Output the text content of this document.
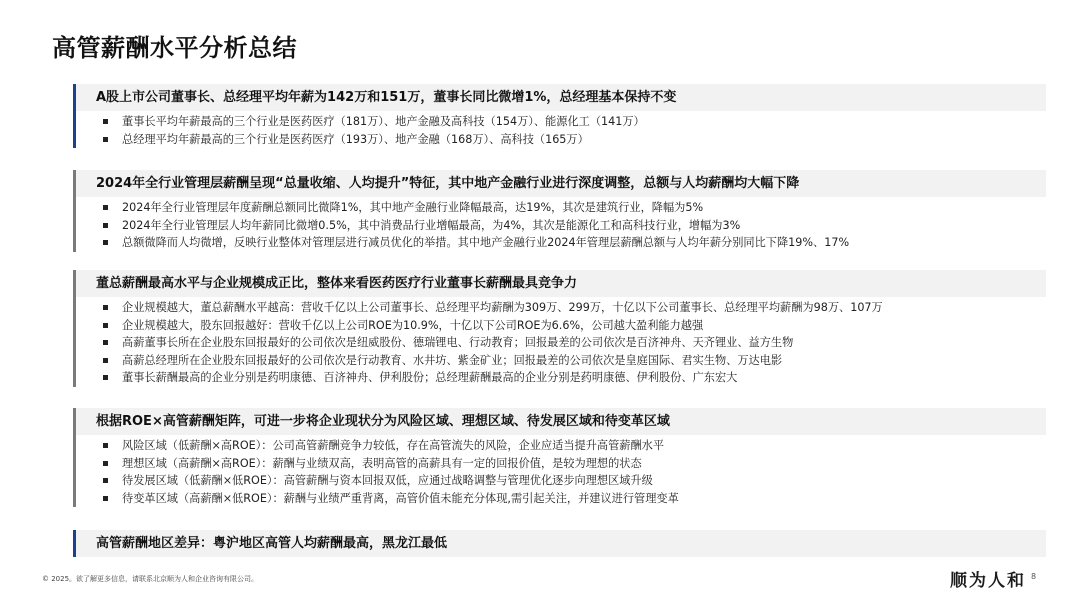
高管薪酬水平分析总结
A股上市公司董事长、总经理平均年薪为142万和151万，董事长同比微增1%，总经理基本保持不变
董事长平均年薪最高的三个行业是医药医疗（181万）、地产金融及高科技（154万）、能源化工（141万）
总经理平均年薪最高的三个行业是医药医疗（193万）、地产金融（168万）、高科技（165万）
2024年全行业管理层薪酬呈现“总量收缩、人均提升”特征，其中地产金融行业进行深度调整，总额与人均薪酬均大幅下降
2024年全行业管理层年度薪酬总额同比微降1%，其中地产金融行业降幅最高，达19%，其次是建筑行业，降幅为5%
2024年全行业管理层人均年薪同比微增0.5%，其中消费品行业增幅最高，为4%，其次是能源化工和高科技行业，增幅为3%
总额微降而人均微增，反映行业整体对管理层进行减员优化的举措。其中地产金融行业2024年管理层薪酬总额与人均年薪分别同比下降19%、17%
董总薪酬最高水平与企业规模成正比，整体来看医药医疗行业董事长薪酬最具竞争力
企业规模越大，董总薪酬水平越高：营收千亿以上公司董事长、总经理平均薪酬为309万、299万，十亿以下公司董事长、总经理平均薪酬为98万、107万
企业规模越大，股东回报越好：营收千亿以上公司ROE为10.9%，十亿以下公司ROE为6.6%，公司越大盈利能力越强
高薪董事长所在企业股东回报最好的公司依次是纽威股份、德瑞锂电、行动教育；回报最差的公司依次是百济神舟、天齐锂业、益方生物
高薪总经理所在企业股东回报最好的公司依次是行动教育、水井坊、紫金矿业；回报最差的公司依次是皇庭国际、君实生物、万达电影
董事长薪酬最高的企业分别是药明康德、百济神舟、伊利股份；总经理薪酬最高的企业分别是药明康德、伊利股份、广东宏大
根据ROE×高管薪酬矩阵，可进一步将企业现状分为风险区域、理想区域、待发展区域和待变革区域
风险区域（低薪酬×高ROE）：公司高管薪酬竞争力较低，存在高管流失的风险，企业应适当提升高管薪酬水平
理想区域（高薪酬×高ROE）：薪酬与业绩双高，表明高管的高薪具有一定的回报价值，是较为理想的状态
待发展区域（低薪酬×低ROE）：高管薪酬与资本回报双低，应通过战略调整与管理优化逐步向理想区域升级
待变革区域（高薪酬×低ROE）：薪酬与业绩严重背离，高管价值未能充分体现,需引起关注，并建议进行管理变革
高管薪酬地区差异：粤沪地区高管人均薪酬最高，黑龙江最低
© 2025。欲了解更多信息，请联系北京顺为人和企业咨询有限公司。	顺为人和 8
